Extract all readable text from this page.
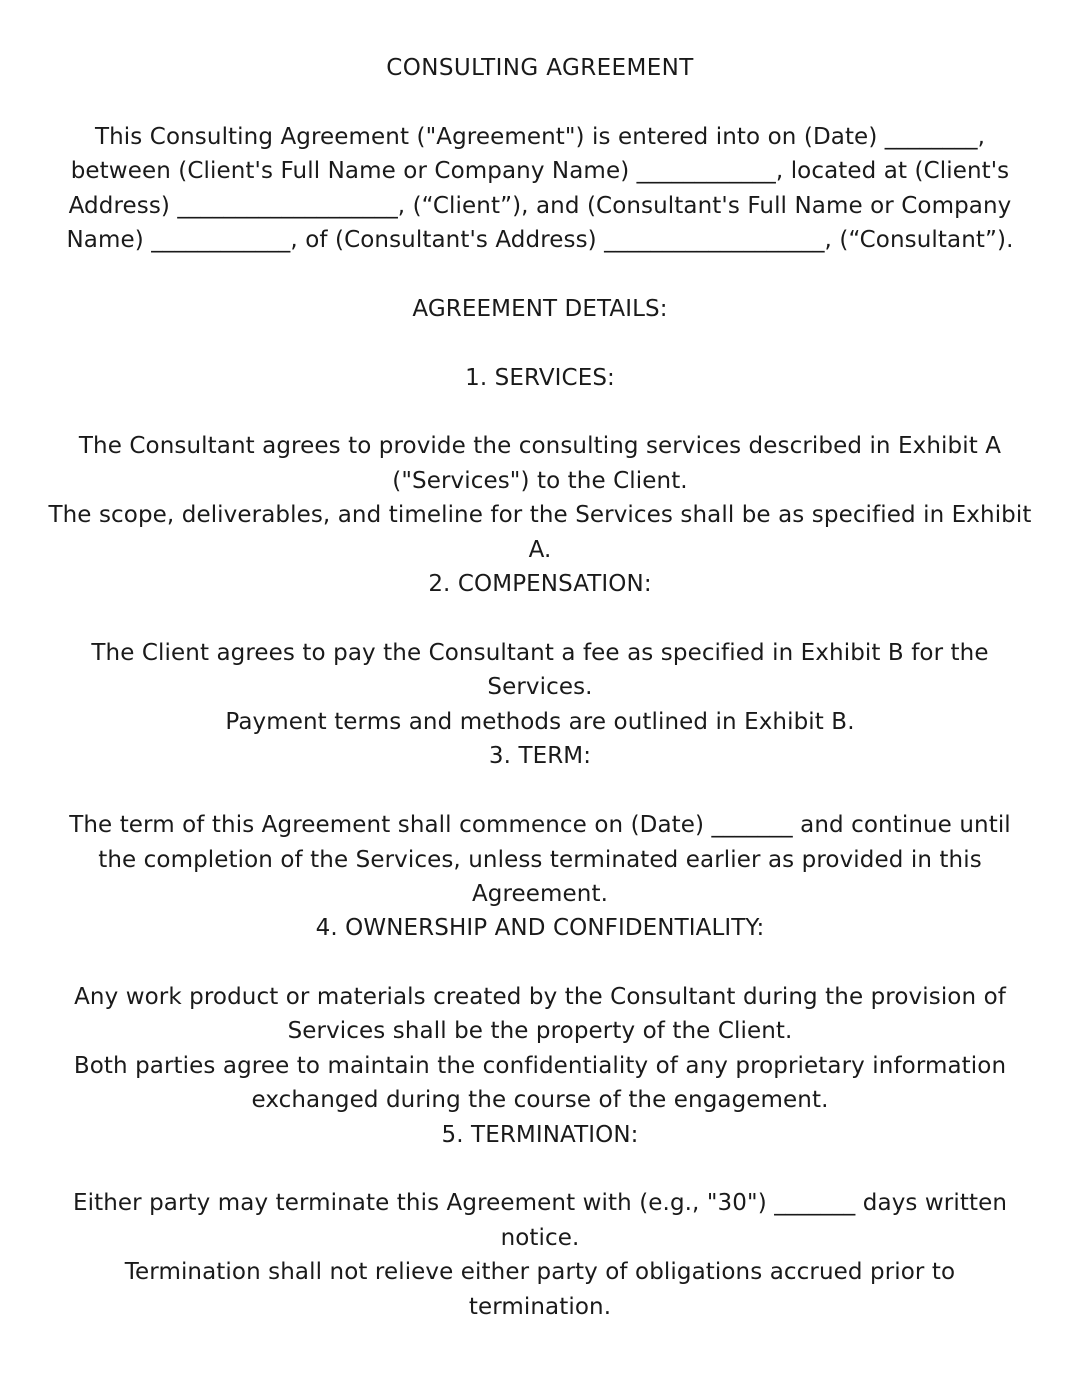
CONSULTING AGREEMENT
This Consulting Agreement ("Agreement") is entered into on (Date) ________,
between (Client's Full Name or Company Name) ____________, located at (Client's
Address) ___________________, (“Client”), and (Consultant's Full Name or Company
Name) ____________, of (Consultant's Address) ___________________, (“Consultant”).
AGREEMENT DETAILS:
1. SERVICES:
The Consultant agrees to provide the consulting services described in Exhibit A
("Services") to the Client.
The scope, deliverables, and timeline for the Services shall be as specified in Exhibit
A.
2. COMPENSATION:
The Client agrees to pay the Consultant a fee as specified in Exhibit B for the
Services.
Payment terms and methods are outlined in Exhibit B.
3. TERM:
The term of this Agreement shall commence on (Date) _______ and continue until
the completion of the Services, unless terminated earlier as provided in this
Agreement.
4. OWNERSHIP AND CONFIDENTIALITY:
Any work product or materials created by the Consultant during the provision of
Services shall be the property of the Client.
Both parties agree to maintain the confidentiality of any proprietary information
exchanged during the course of the engagement.
5. TERMINATION:
Either party may terminate this Agreement with (e.g., "30") _______ days written
notice.
Termination shall not relieve either party of obligations accrued prior to
termination.
